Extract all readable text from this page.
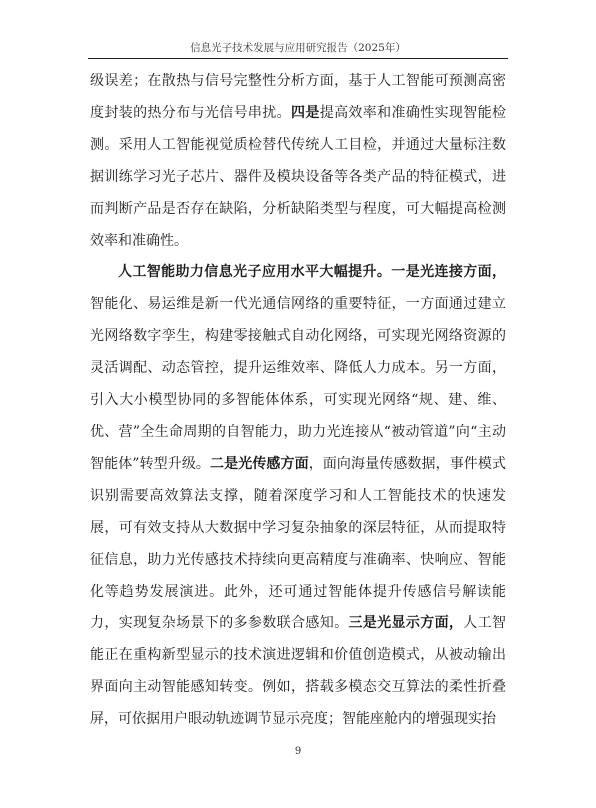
信息光子技术发展与应用研究报告（2025年）

级误差；在散热与信号完整性分析方面，基于人工智能可预测高密度封装的热分布与光信号串扰。四是提高效率和准确性实现智能检测。采用人工智能视觉质检替代传统人工目检，并通过大量标注数据训练学习光子芯片、器件及模块设备等各类产品的特征模式，进而判断产品是否存在缺陷，分析缺陷类型与程度，可大幅提高检测效率和准确性。

人工智能助力信息光子应用水平大幅提升。一是光连接方面，智能化、易运维是新一代光通信网络的重要特征，一方面通过建立光网络数字孪生，构建零接触式自动化网络，可实现光网络资源的灵活调配、动态管控，提升运维效率、降低人力成本。另一方面，引入大小模型协同的多智能体体系，可实现光网络“规、建、维、优、营”全生命周期的自智能力，助力光连接从“被动管道”向“主动智能体”转型升级。二是光传感方面，面向海量传感数据，事件模式识别需要高效算法支撑，随着深度学习和人工智能技术的快速发展，可有效支持从大数据中学习复杂抽象的深层特征，从而提取特征信息，助力光传感技术持续向更高精度与准确率、快响应、智能化等趋势发展演进。此外，还可通过智能体提升传感信号解读能力，实现复杂场景下的多参数联合感知。三是光显示方面，人工智能正在重构新型显示的技术演进逻辑和价值创造模式，从被动输出界面向主动智能感知转变。例如，搭载多模态交互算法的柔性折叠屏，可依据用户眼动轨迹调节显示亮度；智能座舱内的增强现实抬

9
